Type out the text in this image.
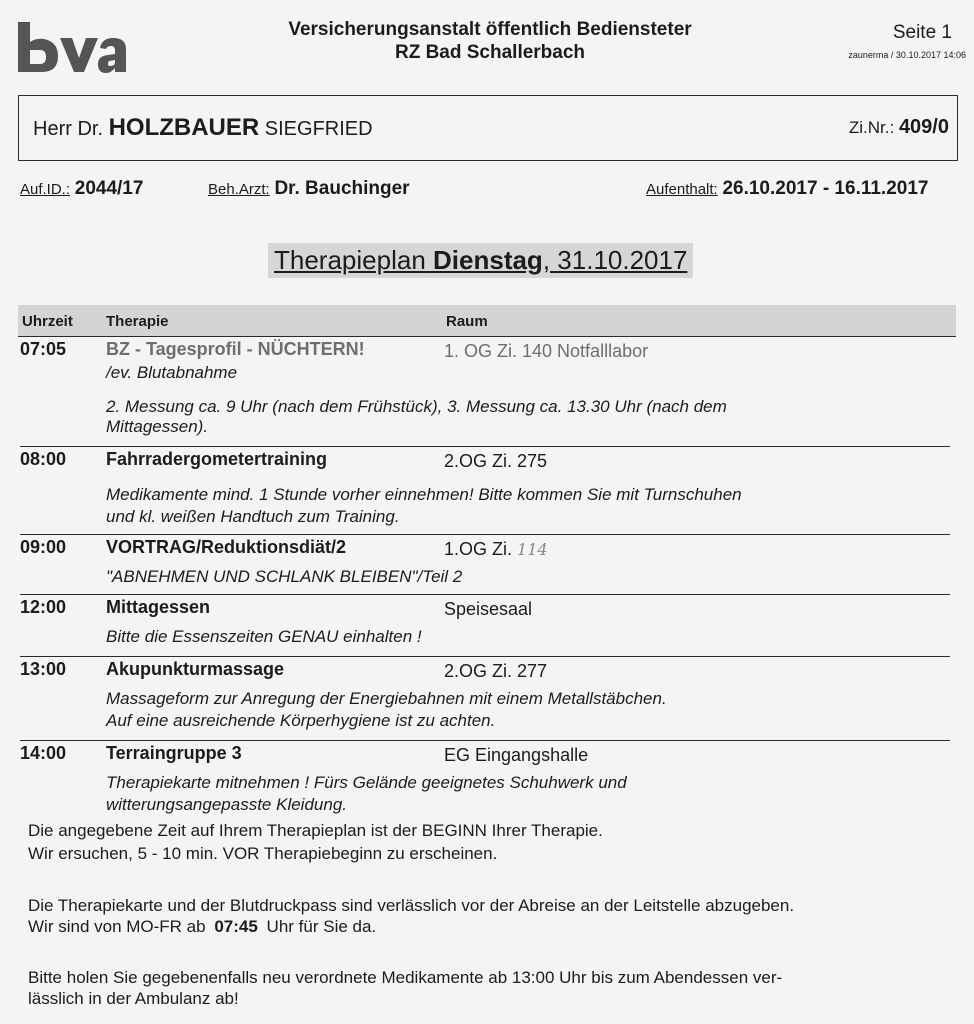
Versicherungsanstalt öffentlich Bediensteter
RZ Bad Schallerbach
Seite 1
zaunerma / 30.10.2017 14:06
Herr Dr. HOLZBAUER SIEGFRIED	Zi.Nr.: 409/0
Auf.ID.: 2044/17	Beh.Arzt: Dr. Bauchinger	Aufenthalt: 26.10.2017 - 16.11.2017
Therapieplan Dienstag, 31.10.2017
Uhrzeit Therapie	Raum
07:05 BZ - Tagesprofil - NÜCHTERN!	1. OG Zi. 140 Notfalllabor
/ev. Blutabnahme
2. Messung ca. 9 Uhr (nach dem Frühstück), 3. Messung ca. 13.30 Uhr (nach dem
Mittagessen).
08:00 Fahrradergometertraining	2.OG Zi. 275
Medikamente mind. 1 Stunde vorher einnehmen! Bitte kommen Sie mit Turnschuhen
und kl. weißen Handtuch zum Training.
09:00 VORTRAG/Reduktionsdiät/2	1.OG Zi. 114
"ABNEHMEN UND SCHLANK BLEIBEN"/Teil 2
12:00 Mittagessen	Speisesaal
Bitte die Essenszeiten GENAU einhalten !
13:00 Akupunkturmassage	2.OG Zi. 277
Massageform zur Anregung der Energiebahnen mit einem Metallstäbchen.
Auf eine ausreichende Körperhygiene ist zu achten.
14:00 Terraingruppe 3	EG Eingangshalle
Therapiekarte mitnehmen ! Fürs Gelände geeignetes Schuhwerk und
witterungsangepasste Kleidung.
Die angegebene Zeit auf Ihrem Therapieplan ist der BEGINN Ihrer Therapie.
Wir ersuchen, 5 - 10 min. VOR Therapiebeginn zu erscheinen.
Die Therapiekarte und der Blutdruckpass sind verlässlich vor der Abreise an der Leitstelle abzugeben.
Wir sind von MO-FR ab 07:45 Uhr für Sie da.
Bitte holen Sie gegebenenfalls neu verordnete Medikamente ab 13:00 Uhr bis zum Abendessen ver-
lässlich in der Ambulanz ab!
